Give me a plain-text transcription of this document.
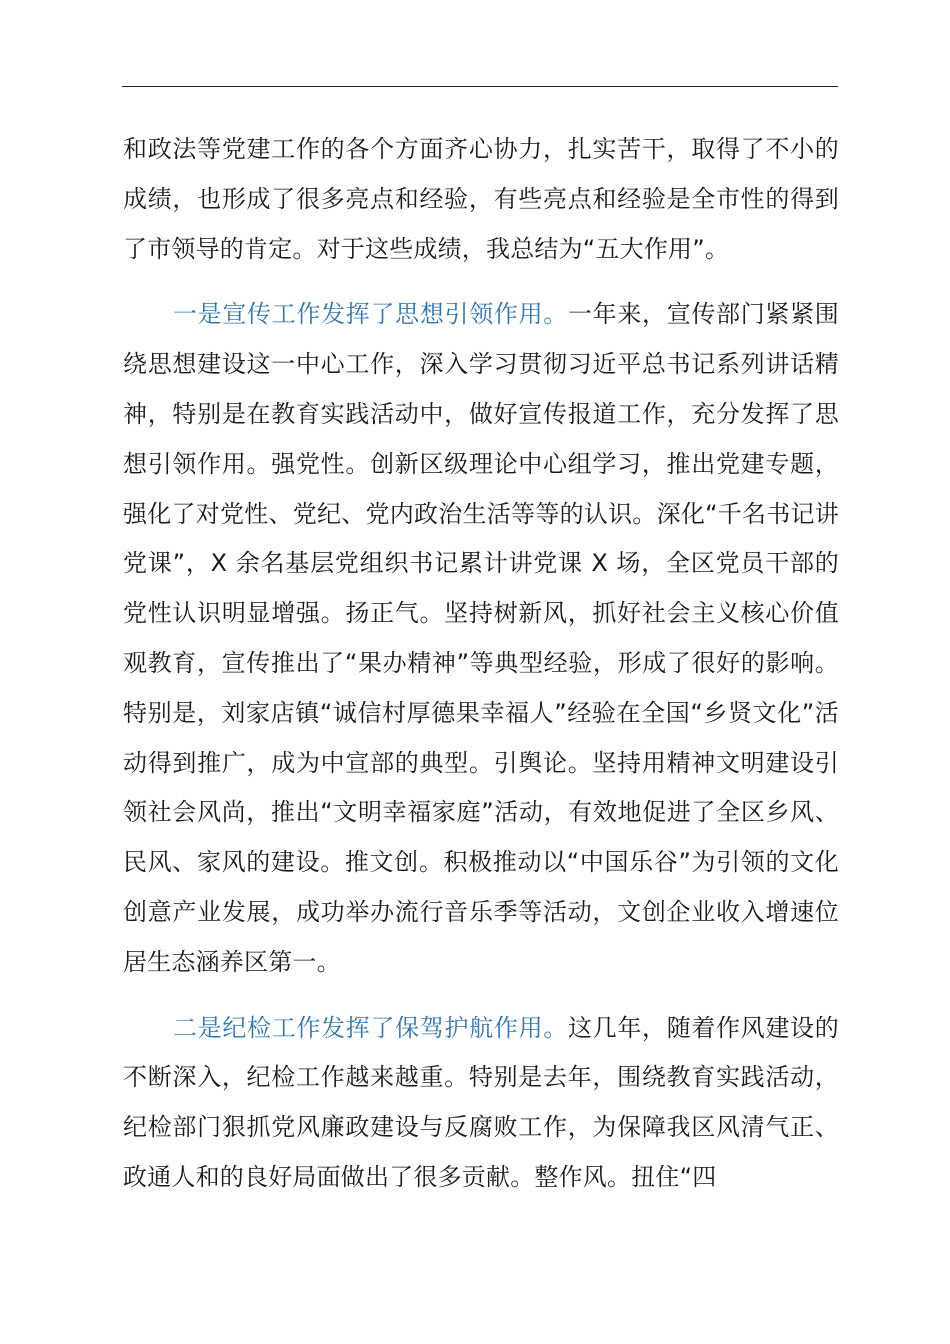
和政法等党建工作的各个方面齐心协力，扎实苦干，取得了不小的成绩，也形成了很多亮点和经验，有些亮点和经验是全市性的得到了市领导的肯定。对于这些成绩，我总结为“五大作用”。

一是宣传工作发挥了思想引领作用。一年来，宣传部门紧紧围绕思想建设这一中心工作，深入学习贯彻习近平总书记系列讲话精神，特别是在教育实践活动中，做好宣传报道工作，充分发挥了思想引领作用。强党性。创新区级理论中心组学习，推出党建专题，强化了对党性、党纪、党内政治生活等等的认识。深化“千名书记讲党课”，X 余名基层党组织书记累计讲党课 X 场，全区党员干部的党性认识明显增强。扬正气。坚持树新风，抓好社会主义核心价值观教育，宣传推出了“果办精神”等典型经验，形成了很好的影响。特别是，刘家店镇“诚信村厚德果幸福人”经验在全国“乡贤文化”活动得到推广，成为中宣部的典型。引舆论。坚持用精神文明建设引领社会风尚，推出“文明幸福家庭”活动，有效地促进了全区乡风、民风、家风的建设。推文创。积极推动以“中国乐谷”为引领的文化创意产业发展，成功举办流行音乐季等活动，文创企业收入增速位居生态涵养区第一。

二是纪检工作发挥了保驾护航作用。这几年，随着作风建设的不断深入，纪检工作越来越重。特别是去年，围绕教育实践活动，纪检部门狠抓党风廉政建设与反腐败工作，为保障我区风清气正、政通人和的良好局面做出了很多贡献。整作风。扭住“四
